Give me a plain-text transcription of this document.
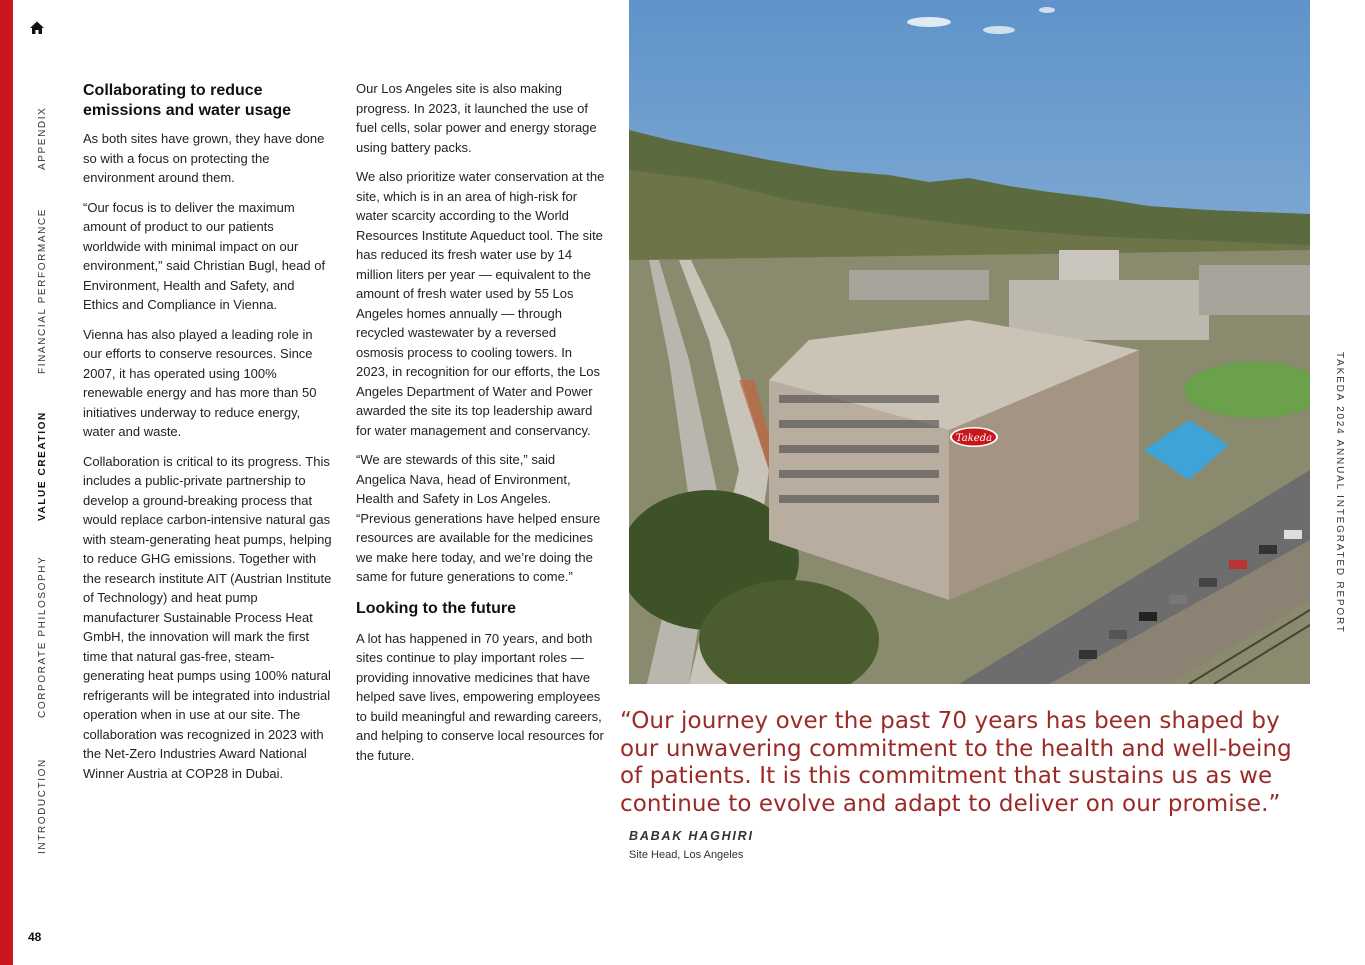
APPENDIX
FINANCIAL PERFORMANCE
VALUE CREATION
CORPORATE PHILOSOPHY
INTRODUCTION
48
Collaborating to reduce emissions and water usage

As both sites have grown, they have done so with a focus on protecting the environment around them.

“Our focus is to deliver the maximum amount of product to our patients worldwide with minimal impact on our environment,” said Christian Bugl, head of Environment, Health and Safety, and Ethics and Compliance in Vienna.

Vienna has also played a leading role in our efforts to conserve resources. Since 2007, it has operated using 100% renewable energy and has more than 50 initiatives underway to reduce energy, water and waste.

Collaboration is critical to its progress. This includes a public-private partnership to develop a ground-breaking process that would replace carbon-intensive natural gas with steam-generating heat pumps, helping to reduce GHG emissions. Together with the research institute AIT (Austrian Institute of Technology) and heat pump manufacturer Sustainable Process Heat GmbH, the innovation will mark the first time that natural gas-free, steam-generating heat pumps using 100% natural refrigerants will be integrated into industrial operation when in use at our site. The collaboration was recognized in 2023 with the Net-Zero Industries Award National Winner Austria at COP28 in Dubai.

Our Los Angeles site is also making progress. In 2023, it launched the use of fuel cells, solar power and energy storage using battery packs.

We also prioritize water conservation at the site, which is in an area of high-risk for water scarcity according to the World Resources Institute Aqueduct tool. The site has reduced its fresh water use by 14 million liters per year — equivalent to the amount of fresh water used by 55 Los Angeles homes annually — through recycled wastewater by a reversed osmosis process to cooling towers. In 2023, in recognition for our efforts, the Los Angeles Department of Water and Power awarded the site its top leadership award for water management and conservancy.

“We are stewards of this site,” said Angelica Nava, head of Environment, Health and Safety in Los Angeles. “Previous generations have helped ensure resources are available for the medicines we make here today, and we’re doing the same for future generations to come.”

Looking to the future

A lot has happened in 70 years, and both sites continue to play important roles — providing innovative medicines that have helped save lives, empowering employees to build meaningful and rewarding careers, and helping to conserve local resources for the future.

Takeda
“Our journey over the past 70 years has been shaped by our unwavering commitment to the health and well-being of patients. It is this commitment that sustains us as we continue to evolve and adapt to deliver on our promise.”
BABAK HAGHIRI
Site Head, Los Angeles
TAKEDA 2024 ANNUAL INTEGRATED REPORT
